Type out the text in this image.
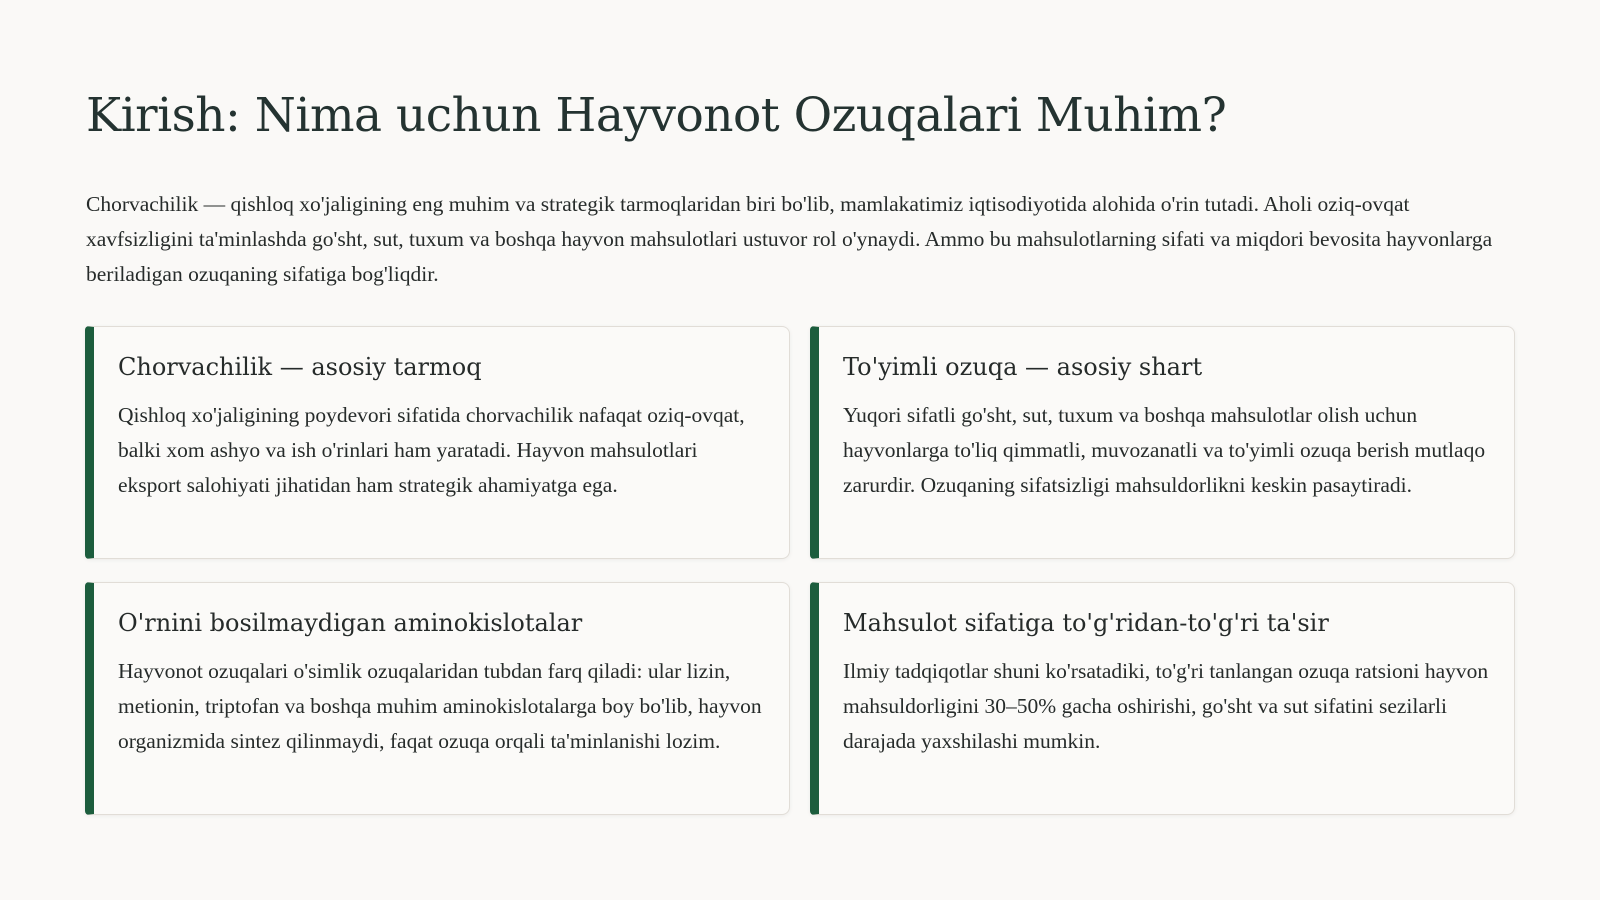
Kirish: Nima uchun Hayvonot Ozuqalari Muhim?

Chorvachilik — qishloq xo'jaligining eng muhim va strategik tarmoqlaridan biri bo'lib, mamlakatimiz iqtisodiyotida alohida o'rin tutadi. Aholi oziq-ovqat xavfsizligini ta'minlashda go'sht, sut, tuxum va boshqa hayvon mahsulotlari ustuvor rol o'ynaydi. Ammo bu mahsulotlarning sifati va miqdori bevosita hayvonlarga beriladigan ozuqaning sifatiga bog'liqdir.

Chorvachilik — asosiy tarmoq

Qishloq xo'jaligining poydevori sifatida chorvachilik nafaqat oziq-ovqat, balki xom ashyo va ish o'rinlari ham yaratadi. Hayvon mahsulotlari eksport salohiyati jihatidan ham strategik ahamiyatga ega.

To'yimli ozuqa — asosiy shart

Yuqori sifatli go'sht, sut, tuxum va boshqa mahsulotlar olish uchun hayvonlarga to'liq qimmatli, muvozanatli va to'yimli ozuqa berish mutlaqo zarurdir. Ozuqaning sifatsizligi mahsuldorlikni keskin pasaytiradi.

O'rnini bosilmaydigan aminokislotalar

Hayvonot ozuqalari o'simlik ozuqalaridan tubdan farq qiladi: ular lizin, metionin, triptofan va boshqa muhim aminokislotalarga boy bo'lib, hayvon organizmida sintez qilinmaydi, faqat ozuqa orqali ta'minlanishi lozim.

Mahsulot sifatiga to'g'ridan-to'g'ri ta'sir

Ilmiy tadqiqotlar shuni ko'rsatadiki, to'g'ri tanlangan ozuqa ratsioni hayvon mahsuldorligini 30–50% gacha oshirishi, go'sht va sut sifatini sezilarli darajada yaxshilashi mumkin.
